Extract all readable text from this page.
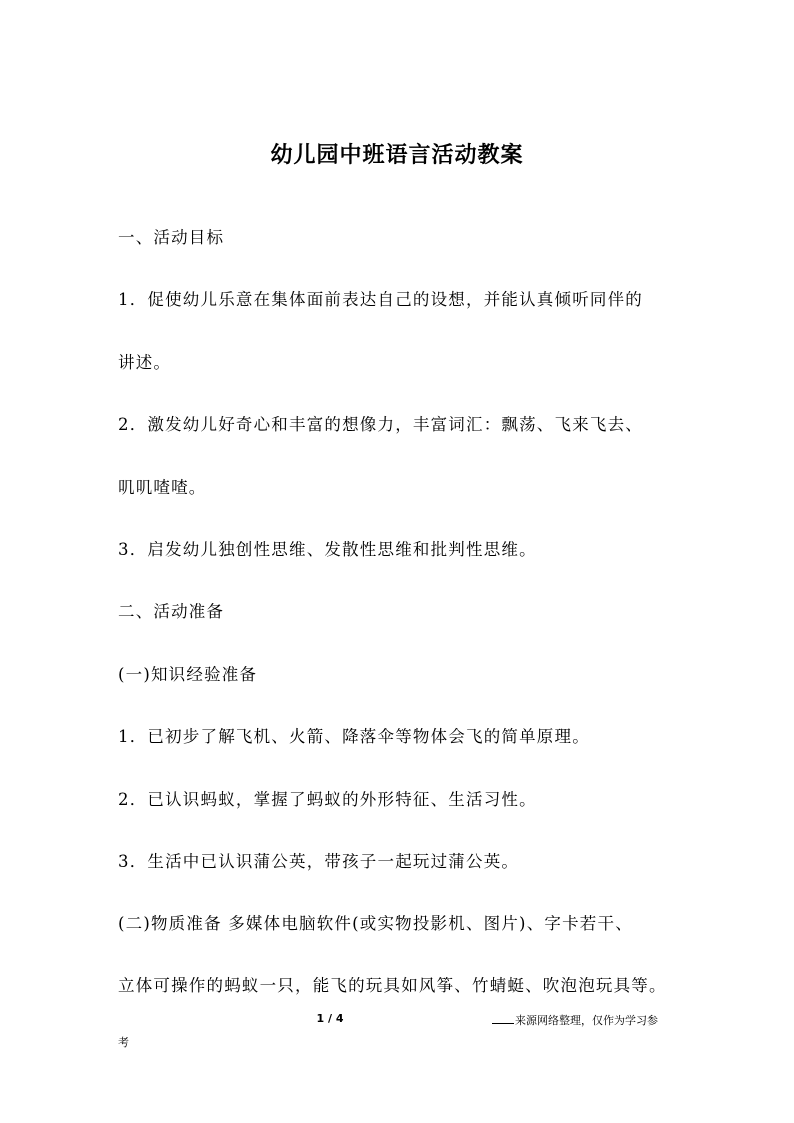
幼儿园中班语言活动教案

一、活动目标

1．促使幼儿乐意在集体面前表达自己的设想，并能认真倾听同伴的

讲述。

2．激发幼儿好奇心和丰富的想像力，丰富词汇：飘荡、飞来飞去、

叽叽喳喳。

3．启发幼儿独创性思维、发散性思维和批判性思维。

二、活动准备

(一)知识经验准备

1．已初步了解飞机、火箭、降落伞等物体会飞的简单原理。

2．已认识蚂蚁，掌握了蚂蚁的外形特征、生活习性。

3．生活中已认识蒲公英，带孩子一起玩过蒲公英。

(二)物质准备 多媒体电脑软件(或实物投影机、图片)、字卡若干、

立体可操作的蚂蚁一只，能飞的玩具如风筝、竹蜻蜓、吹泡泡玩具等。

1 / 4	来源网络整理，仅作为学习参
考
